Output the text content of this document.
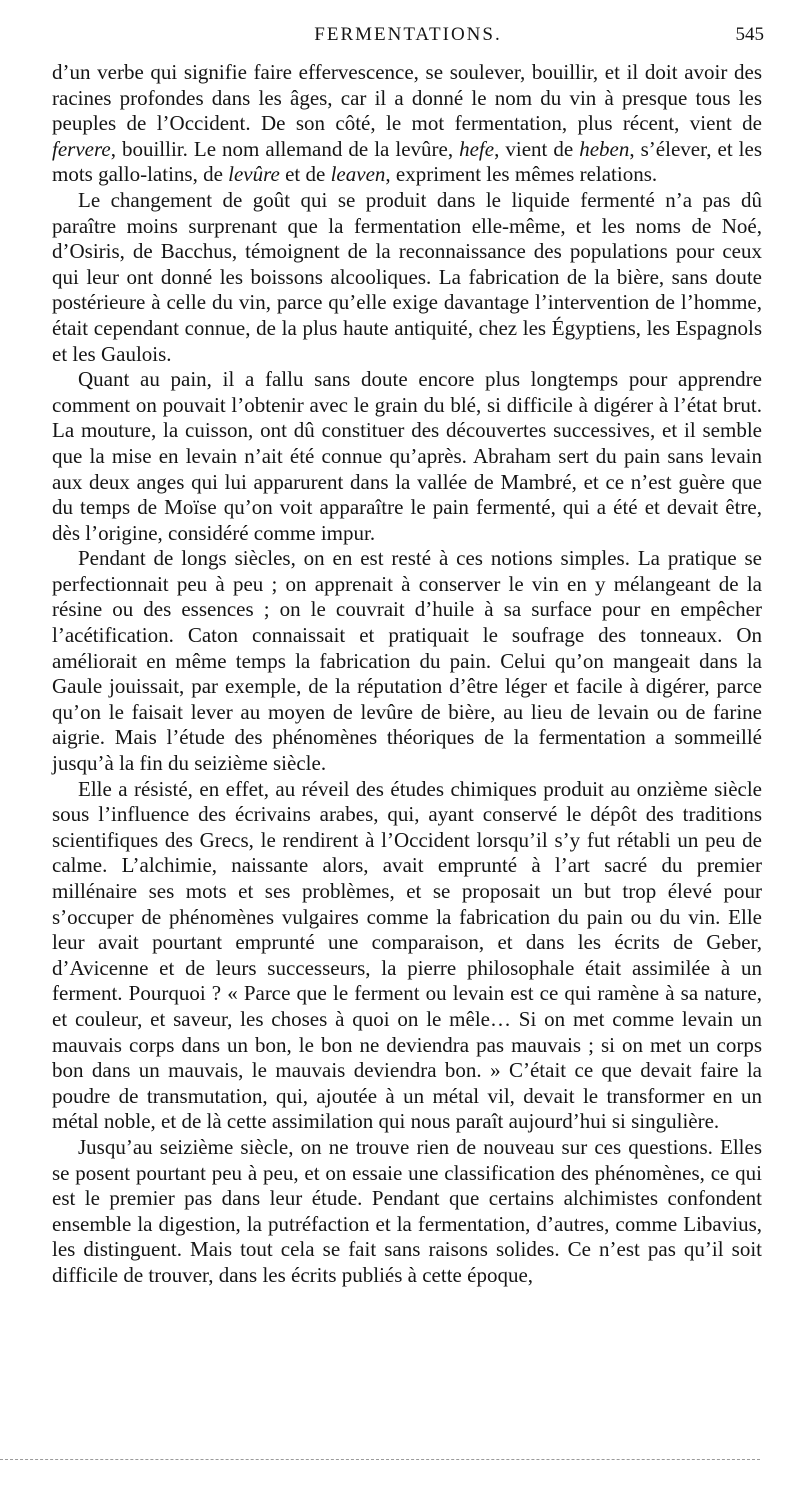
FERMENTATIONS.	545

d’un verbe qui signifie faire effervescence, se soulever, bouillir, et il doit avoir des racines profondes dans les âges, car il a donné le nom du vin à presque tous les peuples de l’Occident. De son côté, le mot fermentation, plus récent, vient de fervere, bouillir. Le nom allemand de la levûre, hefe, vient de heben, s’élever, et les mots gallo-latins, de levûre et de leaven, expriment les mêmes relations.

Le changement de goût qui se produit dans le liquide fermenté n’a pas dû paraître moins surprenant que la fermentation elle-même, et les noms de Noé, d’Osiris, de Bacchus, témoignent de la reconnaissance des populations pour ceux qui leur ont donné les boissons alcooliques. La fabrication de la bière, sans doute postérieure à celle du vin, parce qu’elle exige davantage l’intervention de l’homme, était cependant connue, de la plus haute antiquité, chez les Égyptiens, les Espagnols et les Gaulois.

Quant au pain, il a fallu sans doute encore plus longtemps pour apprendre comment on pouvait l’obtenir avec le grain du blé, si difficile à digérer à l’état brut. La mouture, la cuisson, ont dû constituer des découvertes successives, et il semble que la mise en levain n’ait été connue qu’après. Abraham sert du pain sans levain aux deux anges qui lui apparurent dans la vallée de Mambré, et ce n’est guère que du temps de Moïse qu’on voit apparaître le pain fermenté, qui a été et devait être, dès l’origine, considéré comme impur.

Pendant de longs siècles, on en est resté à ces notions simples. La pratique se perfectionnait peu à peu ; on apprenait à conserver le vin en y mélangeant de la résine ou des essences ; on le couvrait d’huile à sa surface pour en empêcher l’acétification. Caton connaissait et pratiquait le soufrage des tonneaux. On améliorait en même temps la fabrication du pain. Celui qu’on mangeait dans la Gaule jouissait, par exemple, de la réputation d’être léger et facile à digérer, parce qu’on le faisait lever au moyen de levûre de bière, au lieu de levain ou de farine aigrie. Mais l’étude des phénomènes théoriques de la fermentation a sommeillé jusqu’à la fin du seizième siècle.

Elle a résisté, en effet, au réveil des études chimiques produit au onzième siècle sous l’influence des écrivains arabes, qui, ayant conservé le dépôt des traditions scientifiques des Grecs, le rendirent à l’Occident lorsqu’il s’y fut rétabli un peu de calme. L’alchimie, naissante alors, avait emprunté à l’art sacré du premier millénaire ses mots et ses problèmes, et se proposait un but trop élevé pour s’occuper de phénomènes vulgaires comme la fabrication du pain ou du vin. Elle leur avait pourtant emprunté une comparaison, et dans les écrits de Geber, d’Avicenne et de leurs successeurs, la pierre philosophale était assimilée à un ferment. Pourquoi ? « Parce que le ferment ou levain est ce qui ramène à sa nature, et couleur, et saveur, les choses à quoi on le mêle… Si on met comme levain un mauvais corps dans un bon, le bon ne deviendra pas mauvais ; si on met un corps bon dans un mauvais, le mauvais deviendra bon. » C’était ce que devait faire la poudre de transmutation, qui, ajoutée à un métal vil, devait le transformer en un métal noble, et de là cette assimilation qui nous paraît aujourd’hui si singulière.

Jusqu’au seizième siècle, on ne trouve rien de nouveau sur ces questions. Elles se posent pourtant peu à peu, et on essaie une classification des phénomènes, ce qui est le premier pas dans leur étude. Pendant que certains alchimistes confondent ensemble la digestion, la putréfaction et la fermentation, d’autres, comme Libavius, les distinguent. Mais tout cela se fait sans raisons solides. Ce n’est pas qu’il soit difficile de trouver, dans les écrits publiés à cette époque,
